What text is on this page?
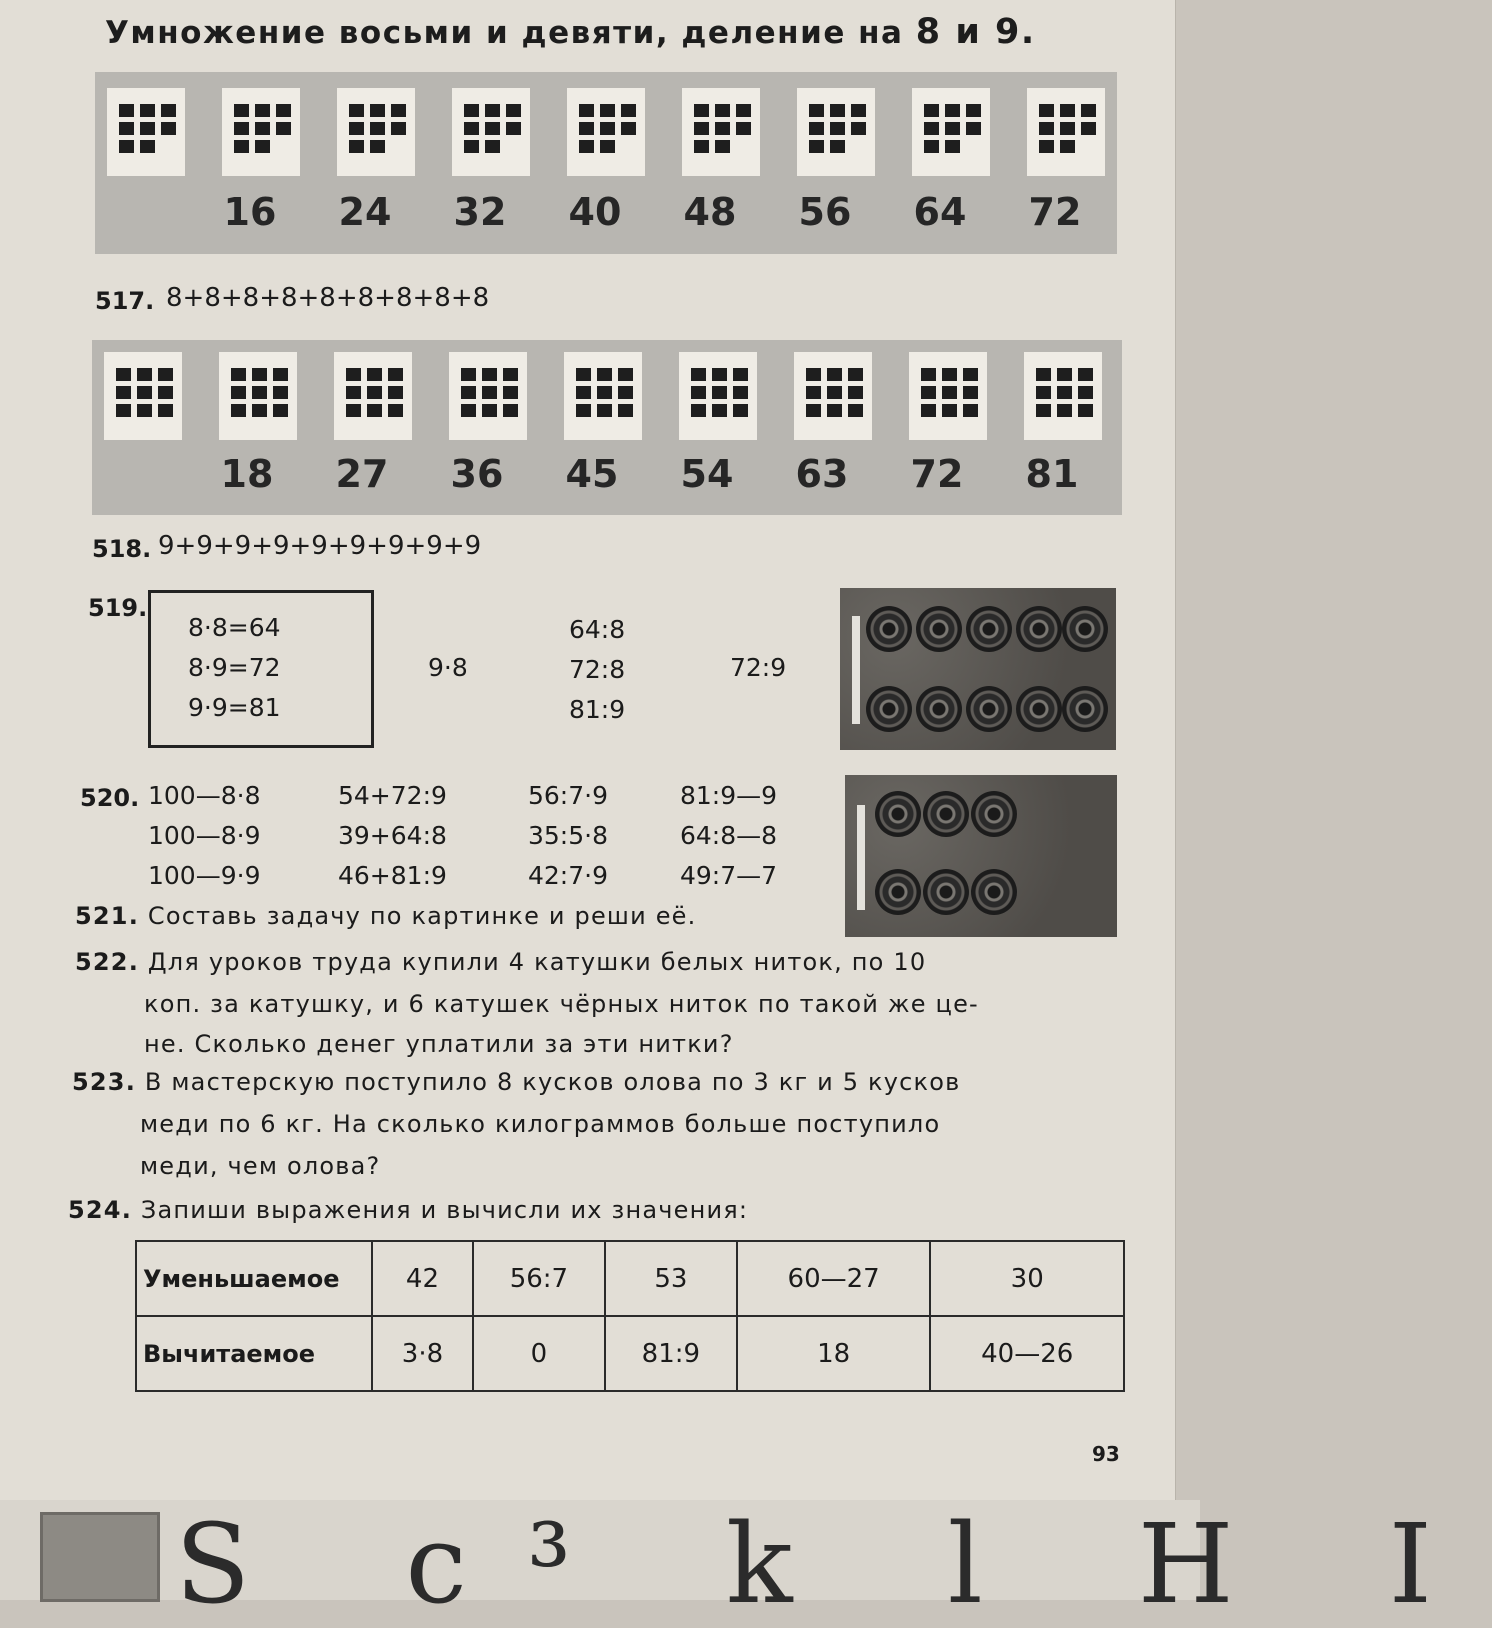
Умножение восьми и девяти, деление на 8 и 9.
16	24	32	40	48	56	64	72
517. 8+8+8+8+8+8+8+8+8
18	27	36	45	54	63	72	81
518. 9+9+9+9+9+9+9+9+9
519.
8·8=64
8·9=72
9·9=81
9·8
64:8
72:8
81:9
72:9
520. 100—8·8
100—8·9
100—9·9
54+72:9
39+64:8
46+81:9
56:7·9
35:5·8
42:7·9
81:9—9
64:8—8
49:7—7
521. Составь задачу по картинке и реши её.
522. Для уроков труда купили 4 катушки белых ниток, по 10
коп. за катушку, и 6 катушек чёрных ниток по такой же це-
не. Сколько денег уплатили за эти нитки?
523. В мастерскую поступило 8 кусков олова по 3 кг и 5 кусков
меди по 6 кг. На сколько килограммов больше поступило
меди, чем олова?
524. Запиши выражения и вычисли их значения:
Уменьшаемое	42	56:7	53	60—27	30
Вычитаемое	3·8	0	81:9	18	40—26
93
S c³ k l H I
